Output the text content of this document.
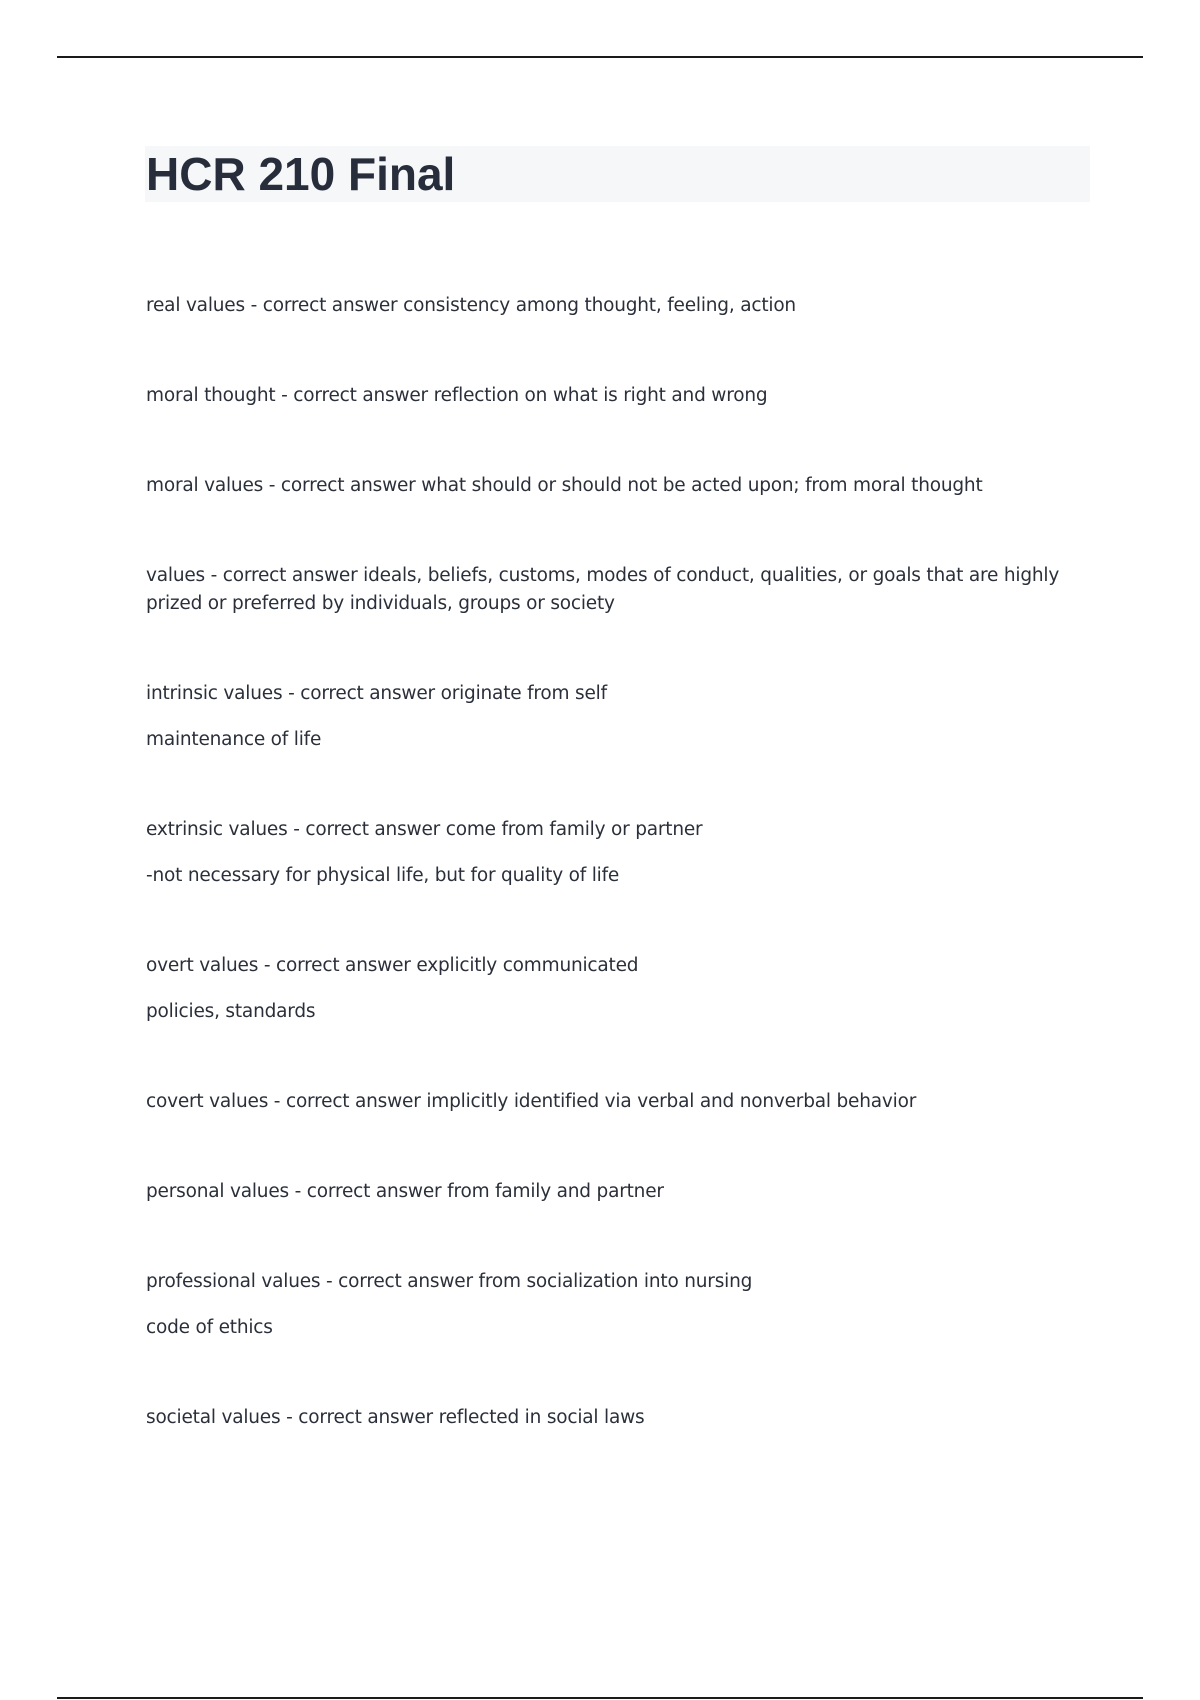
HCR 210 Final

real values - correct answer consistency among thought, feeling, action

moral thought - correct answer reflection on what is right and wrong

moral values - correct answer what should or should not be acted upon; from moral thought

values - correct answer ideals, beliefs, customs, modes of conduct, qualities, or goals that are highly prized or preferred by individuals, groups or society

intrinsic values - correct answer originate from self

maintenance of life

extrinsic values - correct answer come from family or partner

-not necessary for physical life, but for quality of life

overt values - correct answer explicitly communicated

policies, standards

covert values - correct answer implicitly identified via verbal and nonverbal behavior

personal values - correct answer from family and partner

professional values - correct answer from socialization into nursing

code of ethics

societal values - correct answer reflected in social laws
